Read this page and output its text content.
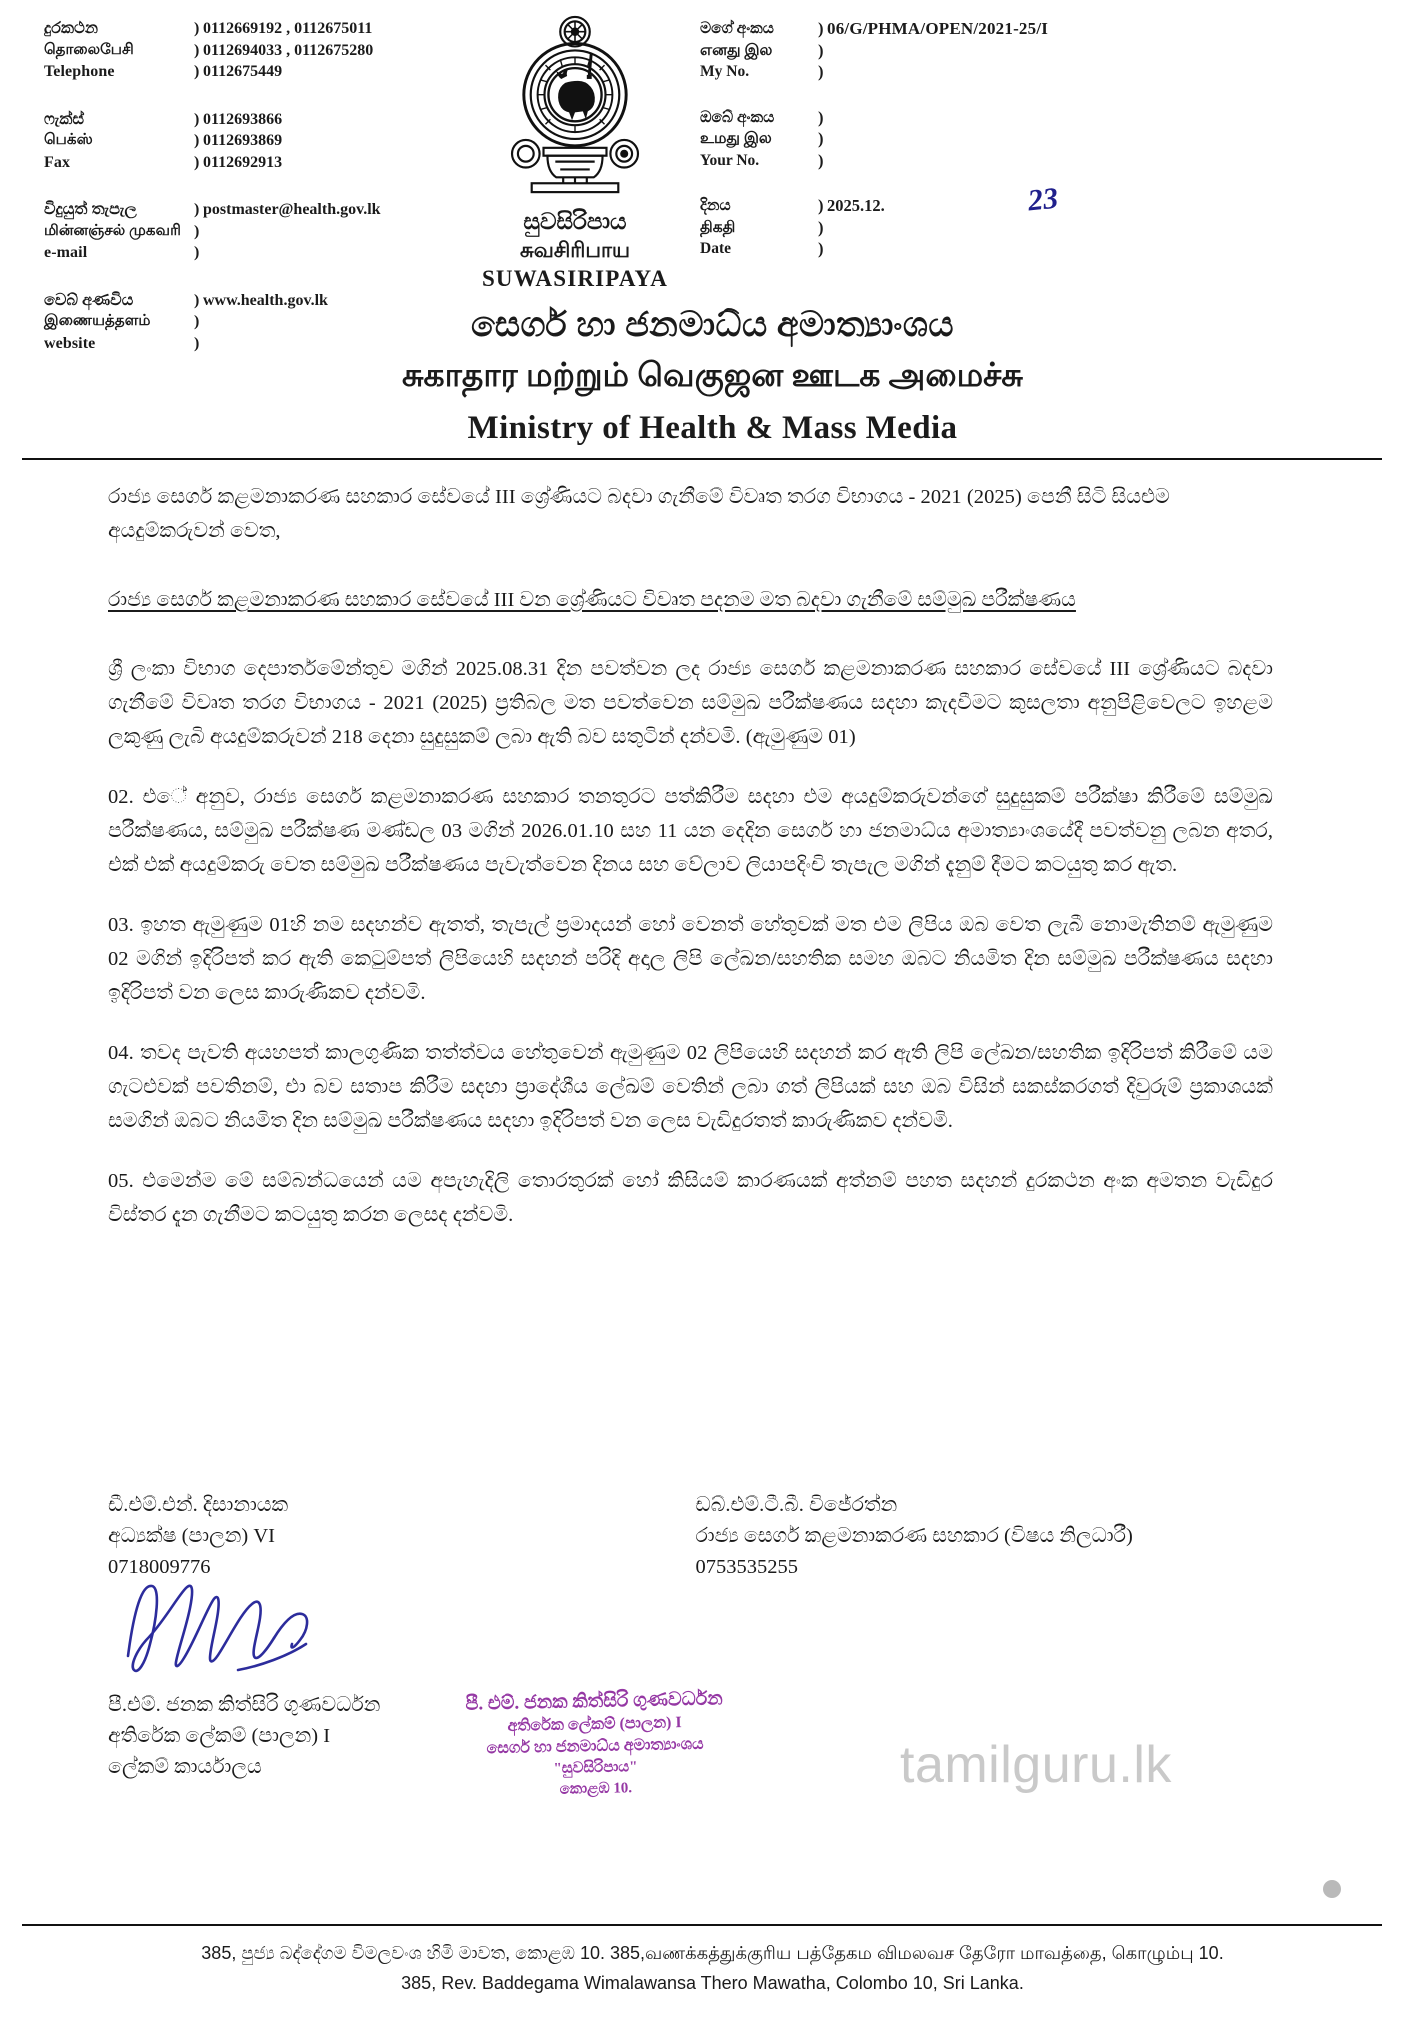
දුරකථන
தொலைபேசி
Telephone
) 0112669192 , 0112675011
) 0112694033 , 0112675280
) 0112675449
ෆැක්ස්
பெக்ஸ்
Fax
) 0112693866
) 0112693869
) 0112692913
විදුයුත් තැපැල
மின்னஞ்சல் முகவரி
e-mail
) postmaster@health.gov.lk
)
)
වෙබ් අණවිය
இணையத்தளம்
website
) www.health.gov.lk
)
)
සුවසිරිපාය
சுவசிரிபாய
SUWASIRIPAYA
මගේ අංකය
எனது இல
My No.
) 06/G/PHMA/OPEN/2021-25/I
)
)
ඔබේ අංකය
உமது இல
Your No.
)
)
)
දිනය
திகதி
Date
) 2025.12.
)
)
23
සෙර්ග හා ජනමාධ්ය අමාත්‍යාංශය
சுகாதார மற்றும் வெகுஜன ஊடக அமைச்சு
Ministry of Health & Mass Media
රාජ්‍ය සෙර්ග කළමනාකරණ සහකාර සේවයේ III ශ්‍රේණියට බදවා ගැනීමේ විවෘත තරග විභාගය - 2021 (2025) පෙනී සිටි සියළුම අයදුම්කරුවන් වෙත,
රාජ්‍ය සෙර්ග කළමනාකරණ සහකාර සේවයේ III වන ශ්‍රේණියට විවෘත පදනම මත බදවා ගැනීමේ සම්මුඛ පරීක්ෂණය
ශ්‍රී ලංකා විභාග දෙපාර්තමේන්තුව මගින් 2025.08.31 දින පවත්වන ලද රාජ්‍ය සෙර්ග කළමනාකරණ සහකාර සේවයේ III ශ්‍රේණියට බදවා ගැනීමේ විවෘත තරග විභාගය - 2021 (2025) ප්‍රතිබල මත පවත්වෙන සම්මුඛ පරීක්ෂණය සදහා කැදවීමට කුසලතා අනුපිළිවෙලට ඉහළම ලකුණු ලැබි අයදුම්කරුවන් 218 දෙනා සුදුසුකම් ලබා ඇති බව සතුටින් දන්වමි. (ඇමුණුම 01)
02. එේ අනුව, රාජ්‍ය සෙර්ග කළමනාකරණ සහකාර තනතුරට පත්කිරීම සදහා එම අයදුම්කරුවන්ගේ සුදුසුකම් පරීක්ෂා කිරීමේ සම්මුඛ පරීක්ෂණය, සම්මුඛ පරීක්ෂණ මණ්ඩල 03 මගින් 2026.01.10 සහ 11 යන දෙදින සෙර්ග හා ජනමාධ්ය අමාත්‍යාංශයේදී පවත්වනු ලබන අතර, එක් එක් අයදුම්කරු වෙත සම්මුඛ පරීක්ෂණය පැවැත්වෙන දිනය සහ වේලාව ලියාපදිංචි තැපැල මගින් දැනුම් දීමට කටයුතු කර ඇත.
03. ඉහත ඇමුණුම 01හි නම සදහන්ව ඇතත්, තැපැල් ප්‍රමාදයන් හෝ වෙනත් හේතුවක් මත එම ලිපිය ඔබ වෙත ලැබී නොමැතිනම් ඇමුණුම 02 මගින් ඉදිරිපත් කර ඇති කෙටුම්පත් ලිපියෙහි සදහන් පරිදි අදාල ලිපි ලේඛන/සහතික සමහ ඔබට නියමිත දින සම්මුඛ පරීක්ෂණය සදහා ඉදිරිපත් වන ලෙස කාරුණිකව දන්වමි.
04. තවද පැවති අයහපත් කාලගුණික තත්ත්වය හේතුවෙන් ඇමුණුම 02 ලිපියෙහි සදහන් කර ඇති ලිපි ලේඛන/සහතික ඉදිරිපත් කිරීමේ යම ගැටළුවක් පවතිනම්, එා බව සතාප කිරීම සදහා ප්‍රාදේශීය ලේඛම් වෙතින් ලබා ගත් ලිපියක් සහ ඔබ විසින් සකස්කරගත් දිවුරුම් ප්‍රකාශයක් සමගින් ඔබට නියමිත දින සම්මුඛ පරීක්ෂණය සදහා ඉදිරිපත් වන ලෙස වැඩිදුරතත් කාරුණිකව දන්වමි.
05. එමෙන්ම මේ සම්බන්ධයෙන් යම අපැහැදිලි තොරතුරක් හෝ කිසියම් කාරණයක් අත්නම් පහත සදහන් දුරකථන අංක අමතන වැඩිදුර විස්තර දැන ගැනීමට කටයුතු කරන ලෙසද දන්වමි.
ඩී.එම්.එන්. දිසානායක
අධ්‍යක්ෂ (පාලන) VI
0718009776
ඩබ්.එම්.ටී.බී. විජේරත්න
රාජ්‍ය සෙර්ග කළමනාකරණ සහකාර (විෂය නිලධාරී)
0753535255
පී.එම්. ජනක කිත්සිරි ගුණවර්ධන
අතිරේක ලේකම් (පාලන) I
ලේකම් කාර්යාලය
පී. එම්. ජනක කිත්සිරි ගුණවර්ධන
අතිරේක ලේකම් (පාලන) I
සෙර්ග හා ජනමාධ්ය අමාත්‍යාංශය
"සුවසිරිපාය"
කොළඹ 10.	tamilguru.lk
385, පුජ්‍ය බද්දේගම විමලවංශ හිමි මාවත, කොළඹ 10. 385,வணக்கத்துக்குரிய பத்தேகம விமலவச தேரோ மாவத்தை, கொழும்பு 10.
385, Rev. Baddegama Wimalawansa Thero Mawatha, Colombo 10, Sri Lanka.
